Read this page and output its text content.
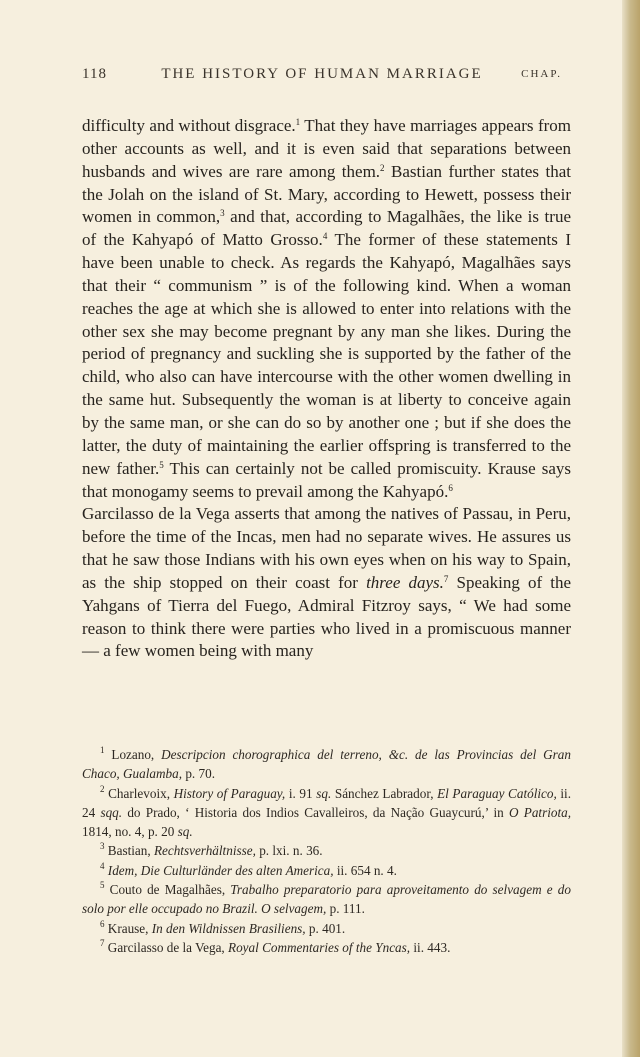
118	THE HISTORY OF HUMAN MARRIAGE	CHAP.

difficulty and without disgrace.$^1$ That they have marriages appears from other accounts as well, and it is even said that separations between husbands and wives are rare among them.$^2$ Bastian further states that the Jolah on the island of St. Mary, according to Hewett, possess their women in common,$^3$ and that, according to Magalhães, the like is true of the Kahyapó of Matto Grosso.$^4$ The former of these statements I have been unable to check. As regards the Kahyapó, Magalhães says that their “ communism ” is of the following kind. When a woman reaches the age at which she is allowed to enter into relations with the other sex she may become pregnant by any man she likes. During the period of pregnancy and suckling she is supported by the father of the child, who also can have intercourse with the other women dwelling in the same hut. Subsequently the woman is at liberty to conceive again by the same man, or she can do so by another one ; but if she does the latter, the duty of maintaining the earlier offspring is transferred to the new father.$^5$ This can certainly not be called promiscuity. Krause says that monogamy seems to prevail among the Kahyapó.$^6$

Garcilasso de la Vega asserts that among the natives of Passau, in Peru, before the time of the Incas, men had no separate wives. He assures us that he saw those Indians with his own eyes when on his way to Spain, as the ship stopped on their coast for three days.$^7$ Speaking of the Yahgans of Tierra del Fuego, Admiral Fitzroy says, “ We had some reason to think there were parties who lived in a promiscuous manner— a few women being with many

$^1$ Lozano, Descripcion chorographica del terreno, &c. de las Provincias del Gran Chaco, Gualamba, p. 70.

$^2$ Charlevoix, History of Paraguay, i. 91 sq. Sánchez Labrador, El Paraguay Católico, ii. 24 sqq. do Prado, ‘ Historia dos Indios Cavalleiros, da Nação Guaycurú,’ in O Patriota, 1814, no. 4, p. 20 sq.

$^3$ Bastian, Rechtsverhältnisse, p. lxi. n. 36.

$^4$ Idem, Die Culturländer des alten America, ii. 654 n. 4.

$^5$ Couto de Magalhães, Trabalho preparatorio para aproveitamento do selvagem e do solo por elle occupado no Brazil. O selvagem, p. 111.

$^6$ Krause, In den Wildnissen Brasiliens, p. 401.

$^7$ Garcilasso de la Vega, Royal Commentaries of the Yncas, ii. 443.
